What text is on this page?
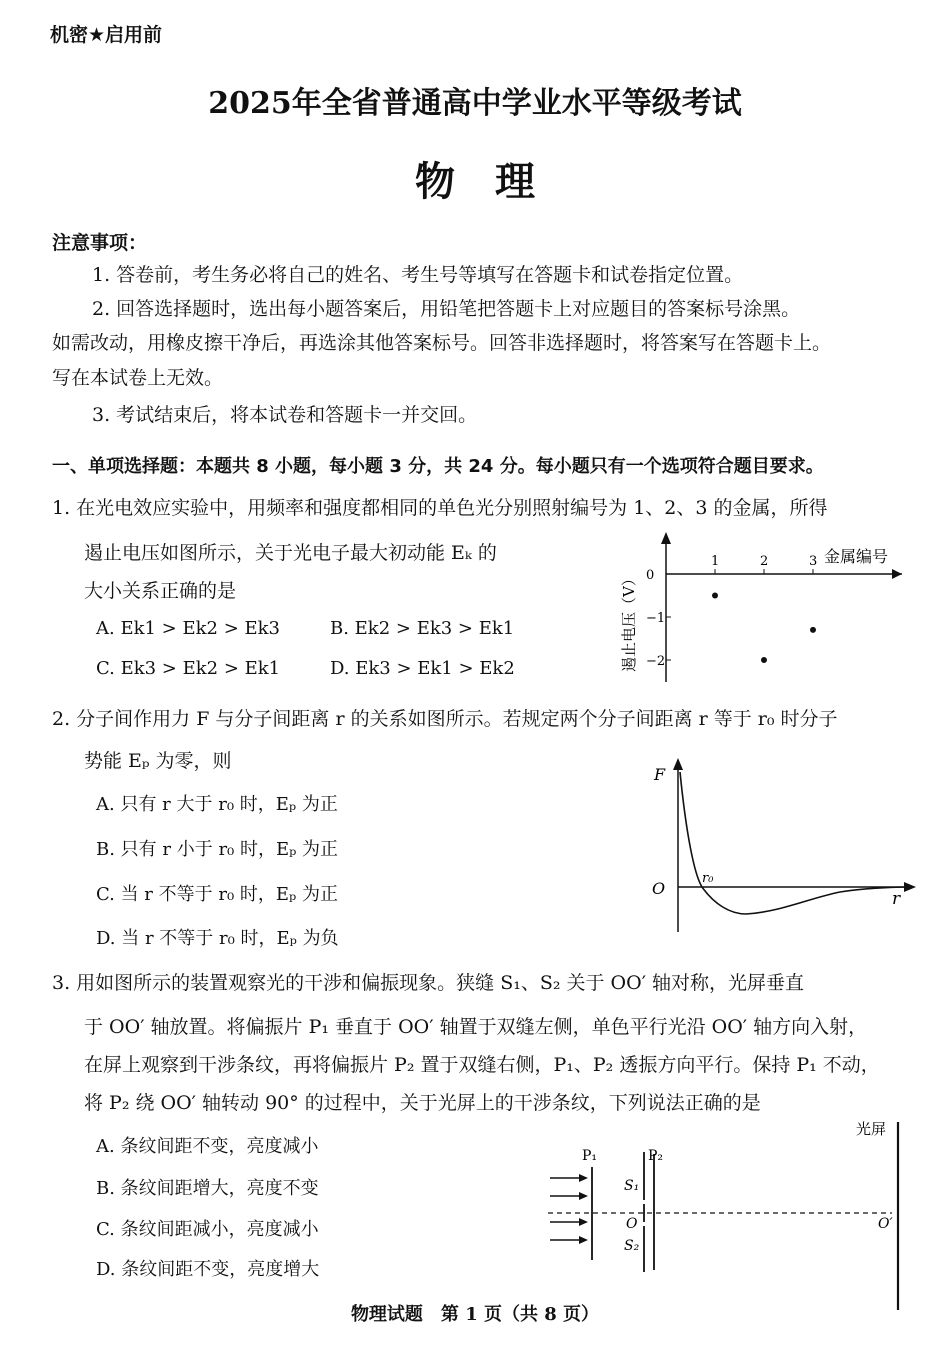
机密★启用前
2025年全省普通高中学业水平等级考试
物理
注意事项：
1. 答卷前，考生务必将自己的姓名、考生号等填写在答题卡和试卷指定位置。
2. 回答选择题时，选出每小题答案后，用铅笔把答题卡上对应题目的答案标号涂黑。
如需改动，用橡皮擦干净后，再选涂其他答案标号。回答非选择题时，将答案写在答题卡上。
写在本试卷上无效。
3. 考试结束后，将本试卷和答题卡一并交回。
一、单项选择题：本题共 8 小题，每小题 3 分，共 24 分。每小题只有一个选项符合题目要求。
1. 在光电效应实验中，用频率和强度都相同的单色光分别照射编号为 1、2、3 的金属，所得
遏止电压如图所示，关于光电子最大初动能 Eₖ 的
大小关系正确的是
A. Ek1 > Ek2 > Ek3	B. Ek2 > Ek3 > Ek1
C. Ek3 > Ek2 > Ek1	D. Ek3 > Ek1 > Ek2
1	2	3
0
−1
−2
金属编号
遏止电压（V）
2. 分子间作用力 F 与分子间距离 r 的关系如图所示。若规定两个分子间距离 r 等于 r₀ 时分子
势能 Eₚ 为零，则
A. 只有 r 大于 r₀ 时，Eₚ 为正
B. 只有 r 小于 r₀ 时，Eₚ 为正
C. 当 r 不等于 r₀ 时，Eₚ 为正
D. 当 r 不等于 r₀ 时，Eₚ 为负
F
O
r₀
r
3. 用如图所示的装置观察光的干涉和偏振现象。狭缝 S₁、S₂ 关于 OO′ 轴对称，光屏垂直
于 OO′ 轴放置。将偏振片 P₁ 垂直于 OO′ 轴置于双缝左侧，单色平行光沿 OO′ 轴方向入射，
在屏上观察到干涉条纹，再将偏振片 P₂ 置于双缝右侧，P₁、P₂ 透振方向平行。保持 P₁ 不动，
将 P₂ 绕 OO′ 轴转动 90° 的过程中，关于光屏上的干涉条纹，下列说法正确的是
A. 条纹间距不变，亮度减小
B. 条纹间距增大，亮度不变
C. 条纹间距减小，亮度减小
D. 条纹间距不变，亮度增大
光屏
P₁	P₂
S₁
O
S₂
O′
物理试题　第 1 页（共 8 页）
